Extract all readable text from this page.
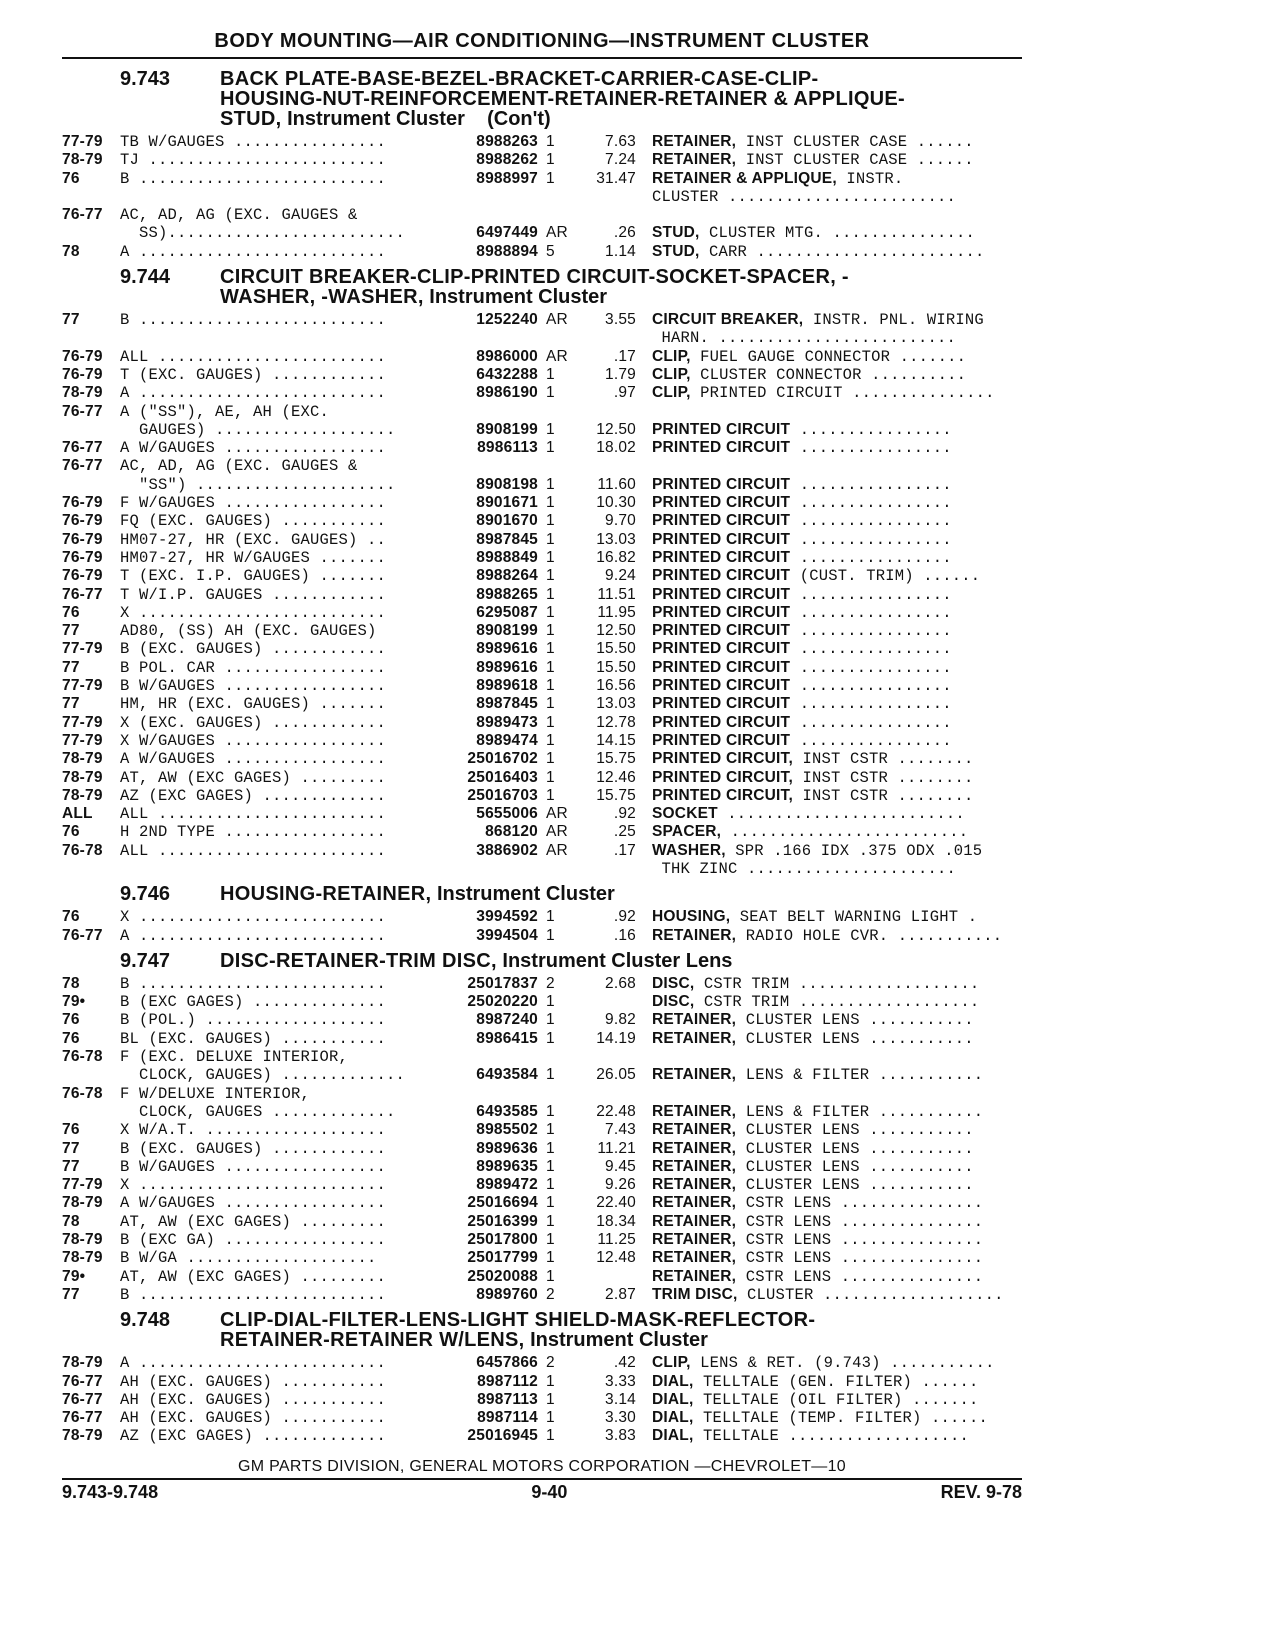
BODY MOUNTING—AIR CONDITIONING—INSTRUMENT CLUSTER
9.743	BACK PLATE-BASE-BEZEL-BRACKET-CARRIER-CASE-CLIP-
HOUSING-NUT-REINFORCEMENT-RETAINER-RETAINER & APPLIQUE-
STUD, Instrument Cluster    (Con't)
77-79	TB W/GAUGES ................	8988263 1	7.63	RETAINER, INST CLUSTER CASE ......
78-79	TJ .........................	8988262 1	7.24	RETAINER, INST CLUSTER CASE ......
76	B ..........................	8988997 1	31.47	RETAINER & APPLIQUE, INSTR.
CLUSTER ........................
76-77	AC, AD, AG (EXC. GAUGES &
SS).........................	6497449 AR	.26	STUD, CLUSTER MTG. ...............
78	A ..........................	8988894 5	1.14	STUD, CARR ........................
9.744	CIRCUIT BREAKER-CLIP-PRINTED CIRCUIT-SOCKET-SPACER, -
WASHER, -WASHER, Instrument Cluster
77	B ..........................	1252240 AR	3.55	CIRCUIT BREAKER, INSTR. PNL. WIRING
HARN. .........................
76-79	ALL ........................	8986000 AR	.17	CLIP, FUEL GAUGE CONNECTOR .......
76-79	T (EXC. GAUGES) ............	6432288 1	1.79	CLIP, CLUSTER CONNECTOR ..........
78-79	A ..........................	8986190 1	.97	CLIP, PRINTED CIRCUIT ...............
76-77	A ("SS"), AE, AH (EXC.
GAUGES) ...................	8908199 1	12.50	PRINTED CIRCUIT ................
76-77	A W/GAUGES .................	8986113 1	18.02	PRINTED CIRCUIT ................
76-77	AC, AD, AG (EXC. GAUGES &
"SS") .....................	8908198 1	11.60	PRINTED CIRCUIT ................
76-79	F W/GAUGES .................	8901671 1	10.30	PRINTED CIRCUIT ................
76-79	FQ (EXC. GAUGES) ...........	8901670 1	9.70	PRINTED CIRCUIT ................
76-79	HM07-27, HR (EXC. GAUGES) ..	8987845 1	13.03	PRINTED CIRCUIT ................
76-79	HM07-27, HR W/GAUGES .......	8988849 1	16.82	PRINTED CIRCUIT ................
76-79	T (EXC. I.P. GAUGES) .......	8988264 1	9.24	PRINTED CIRCUIT (CUST. TRIM) ......
76-77	T W/I.P. GAUGES ............	8988265 1	11.51	PRINTED CIRCUIT ................
76	X ..........................	6295087 1	11.95	PRINTED CIRCUIT ................
77	AD80, (SS) AH (EXC. GAUGES)	8908199 1	12.50	PRINTED CIRCUIT ................
77-79	B (EXC. GAUGES) ............	8989616 1	15.50	PRINTED CIRCUIT ................
77	B POL. CAR .................	8989616 1	15.50	PRINTED CIRCUIT ................
77-79	B W/GAUGES .................	8989618 1	16.56	PRINTED CIRCUIT ................
77	HM, HR (EXC. GAUGES) .......	8987845 1	13.03	PRINTED CIRCUIT ................
77-79	X (EXC. GAUGES) ............	8989473 1	12.78	PRINTED CIRCUIT ................
77-79	X W/GAUGES .................	8989474 1	14.15	PRINTED CIRCUIT ................
78-79	A W/GAUGES .................	25016702 1	15.75	PRINTED CIRCUIT, INST CSTR ........
78-79	AT, AW (EXC GAGES) .........	25016403 1	12.46	PRINTED CIRCUIT, INST CSTR ........
78-79	AZ (EXC GAGES) .............	25016703 1	15.75	PRINTED CIRCUIT, INST CSTR ........
ALL	ALL ........................	5655006 AR	.92	SOCKET .........................
76	H 2ND TYPE .................	868120 AR	.25	SPACER, .........................
76-78	ALL ........................	3886902 AR	.17	WASHER, SPR .166 IDX .375 ODX .015
THK ZINC ......................
9.746	HOUSING-RETAINER, Instrument Cluster
76	X ..........................	3994592 1	.92	HOUSING, SEAT BELT WARNING LIGHT .
76-77	A ..........................	3994504 1	.16	RETAINER, RADIO HOLE CVR. ...........
9.747	DISC-RETAINER-TRIM DISC, Instrument Cluster Lens
78	B ..........................	25017837 2	2.68	DISC, CSTR TRIM ...................
79•	B (EXC GAGES) ..............	25020220 1	DISC, CSTR TRIM ...................
76	B (POL.) ...................	8987240 1	9.82	RETAINER, CLUSTER LENS ...........
76	BL (EXC. GAUGES) ...........	8986415 1	14.19	RETAINER, CLUSTER LENS ...........
76-78	F (EXC. DELUXE INTERIOR,
CLOCK, GAUGES) .............	6493584 1	26.05	RETAINER, LENS & FILTER ...........
76-78	F W/DELUXE INTERIOR,
CLOCK, GAUGES .............	6493585 1	22.48	RETAINER, LENS & FILTER ...........
76	X W/A.T. ...................	8985502 1	7.43	RETAINER, CLUSTER LENS ...........
77	B (EXC. GAUGES) ............	8989636 1	11.21	RETAINER, CLUSTER LENS ...........
77	B W/GAUGES .................	8989635 1	9.45	RETAINER, CLUSTER LENS ...........
77-79	X ..........................	8989472 1	9.26	RETAINER, CLUSTER LENS ...........
78-79	A W/GAUGES .................	25016694 1	22.40	RETAINER, CSTR LENS ...............
78	AT, AW (EXC GAGES) .........	25016399 1	18.34	RETAINER, CSTR LENS ...............
78-79	B (EXC GA) .................	25017800 1	11.25	RETAINER, CSTR LENS ...............
78-79	B W/GA ....................	25017799 1	12.48	RETAINER, CSTR LENS ...............
79•	AT, AW (EXC GAGES) .........	25020088 1	RETAINER, CSTR LENS ...............
77	B ..........................	8989760 2	2.87	TRIM DISC, CLUSTER ...................
9.748	CLIP-DIAL-FILTER-LENS-LIGHT SHIELD-MASK-REFLECTOR-
RETAINER-RETAINER W/LENS, Instrument Cluster
78-79	A ..........................	6457866 2	.42	CLIP, LENS & RET. (9.743) ...........
76-77	AH (EXC. GAUGES) ...........	8987112 1	3.33	DIAL, TELLTALE (GEN. FILTER) ......
76-77	AH (EXC. GAUGES) ...........	8987113 1	3.14	DIAL, TELLTALE (OIL FILTER) .......
76-77	AH (EXC. GAUGES) ...........	8987114 1	3.30	DIAL, TELLTALE (TEMP. FILTER) ......
78-79	AZ (EXC GAGES) .............	25016945 1	3.83	DIAL, TELLTALE ...................
GM PARTS DIVISION, GENERAL MOTORS CORPORATION —CHEVROLET—10
9.743-9.748	9-40	REV. 9-78
